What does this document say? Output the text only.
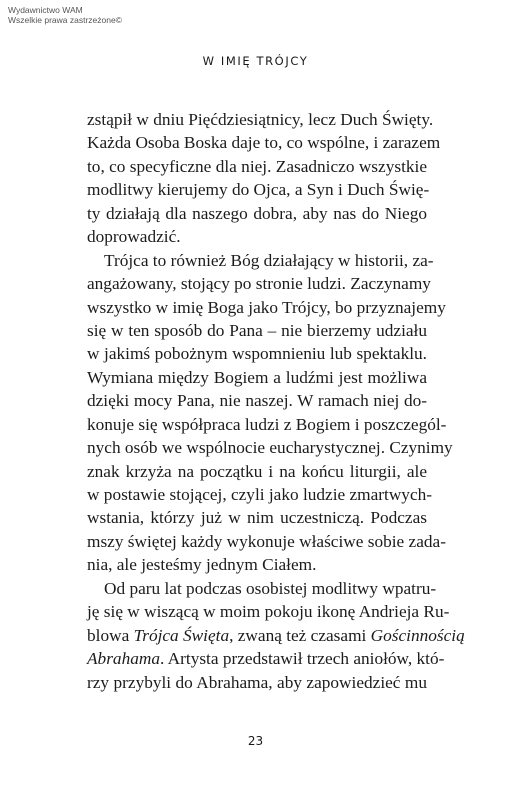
Wydawnictwo WAM
Wszelkie prawa zastrzeżone©
W IMIĘ TRÓJCY
zstąpił w dniu Pięćdziesiątnicy, lecz Duch Święty.
Każda Osoba Boska daje to, co wspólne, i zarazem
to, co specyficzne dla niej. Zasadniczo wszystkie
modlitwy kierujemy do Ojca, a Syn i Duch Świę-
ty działają dla naszego dobra, aby nas do Niego
doprowadzić.
Trójca to również Bóg działający w historii, za-
angażowany, stojący po stronie ludzi. Zaczynamy
wszystko w imię Boga jako Trójcy, bo przyznajemy
się w ten sposób do Pana – nie bierzemy udziału
w jakimś pobożnym wspomnieniu lub spektaklu.
Wymiana między Bogiem a ludźmi jest możliwa
dzięki mocy Pana, nie naszej. W ramach niej do-
konuje się współpraca ludzi z Bogiem i poszczegól-
nych osób we wspólnocie eucharystycznej. Czynimy
znak krzyża na początku i na końcu liturgii, ale
w postawie stojącej, czyli jako ludzie zmartwych-
wstania, którzy już w nim uczestniczą. Podczas
mszy świętej każdy wykonuje właściwe sobie zada-
nia, ale jesteśmy jednym Ciałem.
Od paru lat podczas osobistej modlitwy wpatru-
ję się w wiszącą w moim pokoju ikonę Andrieja Ru-
blowa Trójca Święta, zwaną też czasami Gościnnością
Abrahama. Artysta przedstawił trzech aniołów, któ-
rzy przybyli do Abrahama, aby zapowiedzieć mu
23
